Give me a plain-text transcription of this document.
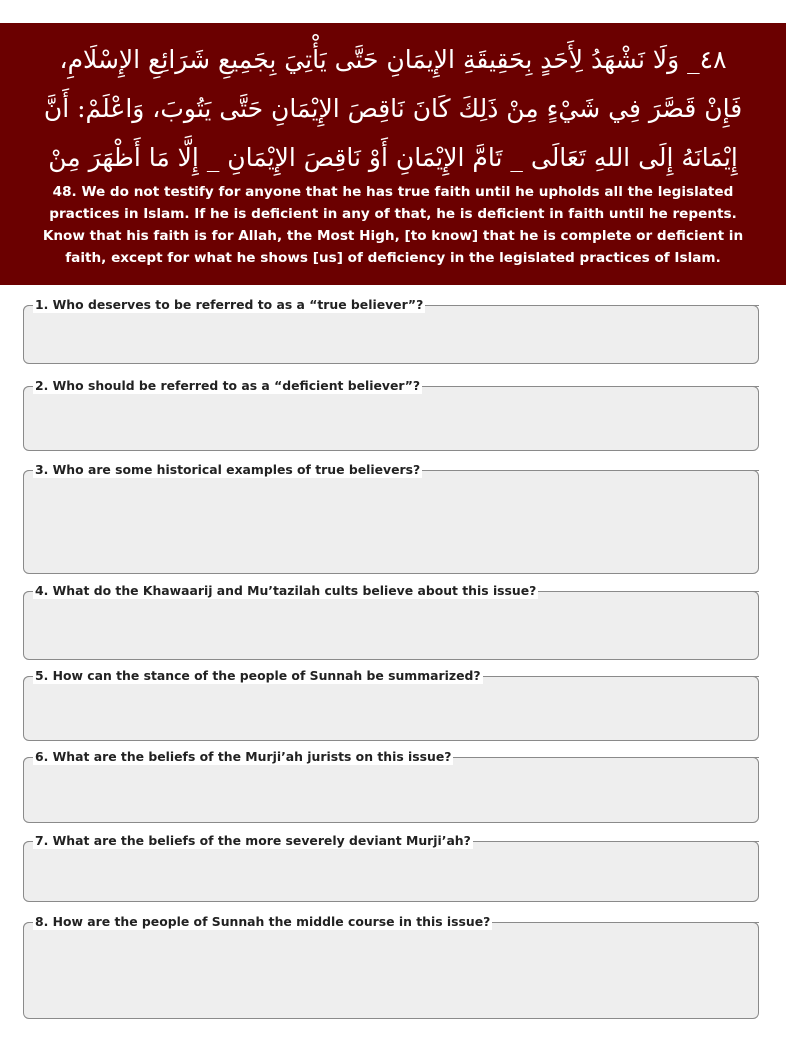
٤٨_ وَلَا نَشْهَدُ لِأَحَدٍ بِحَقِيقَةِ الإِيمَانِ حَتَّى يَأْتِيَ بِجَمِيعِ شَرَائِعِ الإِسْلَامِ، فَإِنْ قَصَّرَ فِي شَيْءٍ مِنْ ذَلِكَ كَانَ نَاقِصَ الإِيْمَانِ حَتَّى يَتُوبَ، وَاعْلَمْ: أَنَّ إِيْمَانَهُ إِلَى اللهِ تَعَالَى _ تَامَّ الإِيْمَانِ أَوْ نَاقِصَ الإِيْمَانِ _ إِلَّا مَا أَظْهَرَ مِنْ
48. We do not testify for anyone that he has true faith until he upholds all the legislated practices in Islam. If he is deficient in any of that, he is deficient in faith until he repents. Know that his faith is for Allah, the Most High, [to know] that he is complete or deficient in faith, except for what he shows [us] of deficiency in the legislated practices of Islam.
1. Who deserves to be referred to as a “true believer”?
2. Who should be referred to as a “deficient believer”?
3. Who are some historical examples of true believers?
4. What do the Khawaarij and Mu’tazilah cults believe about this issue?
5. How can the stance of the people of Sunnah be summarized?
6. What are the beliefs of the Murji’ah jurists on this issue?
7. What are the beliefs of the more severely deviant Murji’ah?
8. How are the people of Sunnah the middle course in this issue?
